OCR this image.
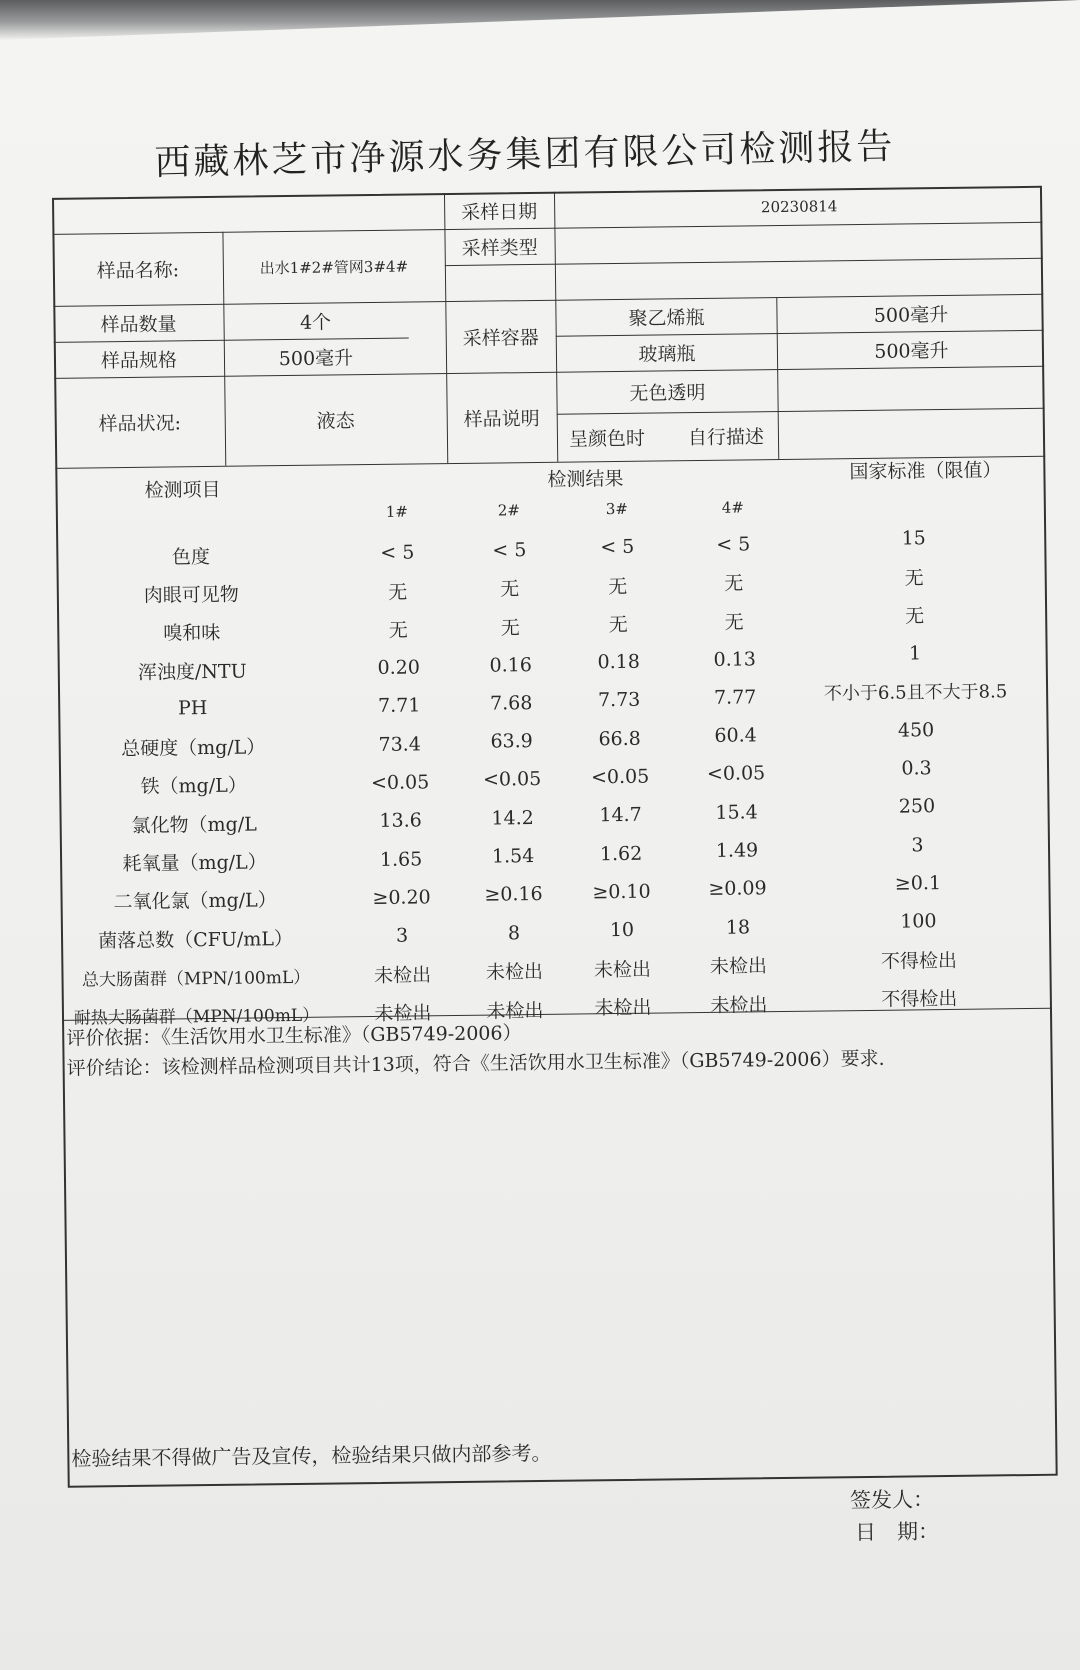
西藏林芝市净源水务集团有限公司检测报告
样品名称:	出水1#2#管网3#4#
采样日期	20230814
采样类型
样品数量	4个
样品规格	500毫升
采样容器
聚乙烯瓶	500毫升
玻璃瓶	500毫升
样品状况:	液态	样品说明
无色透明
呈颜色时	自行描述
检测项目	检测结果	国家标准（限值）
1#	2#	3#	4#
色度	< 5	< 5	< 5	< 5	15
肉眼可见物	无	无	无	无	无
嗅和味	无	无	无	无	无
浑浊度/NTU	0.20	0.16	0.18	0.13	1
PH	7.71	7.68	7.73	7.77	不小于6.5且不大于8.5
总硬度（mg/L）	73.4	63.9	66.8	60.4	450
铁（mg/L）	<0.05	<0.05	<0.05	<0.05	0.3
氯化物（mg/L	13.6	14.2	14.7	15.4	250
耗氧量（mg/L）	1.65	1.54	1.62	1.49	3
二氧化氯（mg/L）	≥0.20	≥0.16	≥0.10	≥0.09	≥0.1
菌落总数（CFU/mL）	3	8	10	18	100
总大肠菌群（MPN/100mL）	未检出	未检出	未检出	未检出	不得检出
耐热大肠菌群（MPN/100mL）	未检出	未检出	未检出	未检出	不得检出
评价依据：《生活饮用水卫生标准》（GB5749-2006）
评价结论：该检测样品检测项目共计13项，符合《生活饮用水卫生标准》（GB5749-2006）要求.
检验结果不得做广告及宣传，检验结果只做内部参考。
签发人：
日　期：
